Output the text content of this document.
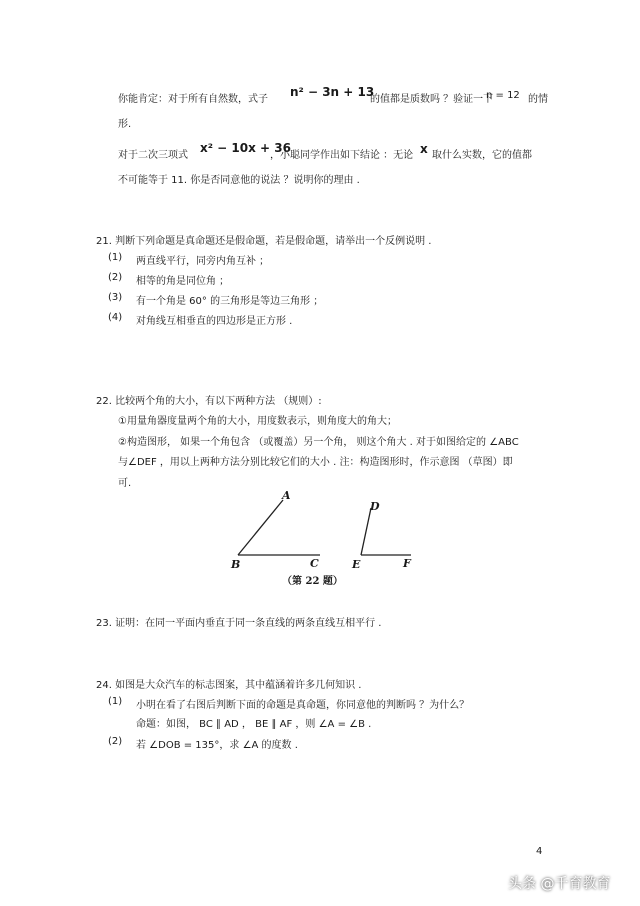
你能肯定：对于所有自然数，式子
n² − 3n + 13
的值都是质数吗 ？验证一下
n = 12 的情
形.
对于二次三项式
x² − 10x + 36
，小聪同学作出如下结论 ：无论 x 取什么实数，它的值都
不可能等于 11. 你是否同意他的说法 ？说明你的理由 .
21. 判断下列命题是真命题还是假命题，若是假命题，请举出一个反例说明 .
(1) 两直线平行，同旁内角互补 ；
(2) 相等的角是同位角 ；
(3) 有一个角是 60° 的三角形是等边三角形 ；
(4) 对角线互相垂直的四边形是正方形 .
22. 比较两个角的大小，有以下两种方法 （规则）:
①用量角器度量两个角的大小，用度数表示，则角度大的角大；
②构造图形， 如果一个角包含 （或覆盖）另一个角， 则这个角大 . 对于如图给定的 ∠ABC
与∠DEF ，用以上两种方法分别比较它们的大小 . 注：构造图形时，作示意图 （草图）即
可.
A
B	C
D
E	F
（第 22 题）
23. 证明：在同一平面内垂直于同一条直线的两条直线互相平行 .
24. 如图是大众汽车的标志图案，其中蕴涵着许多几何知识 .
(1) 小明在看了右图后判断下面的命题是真命题，你同意他的判断吗 ？为什么？
命题：如图， BC ∥ AD ， BE ∥ AF ，则 ∠A = ∠B .
(2) 若 ∠DOB = 135°，求 ∠A 的度数 .
4
头条 @千育教育
